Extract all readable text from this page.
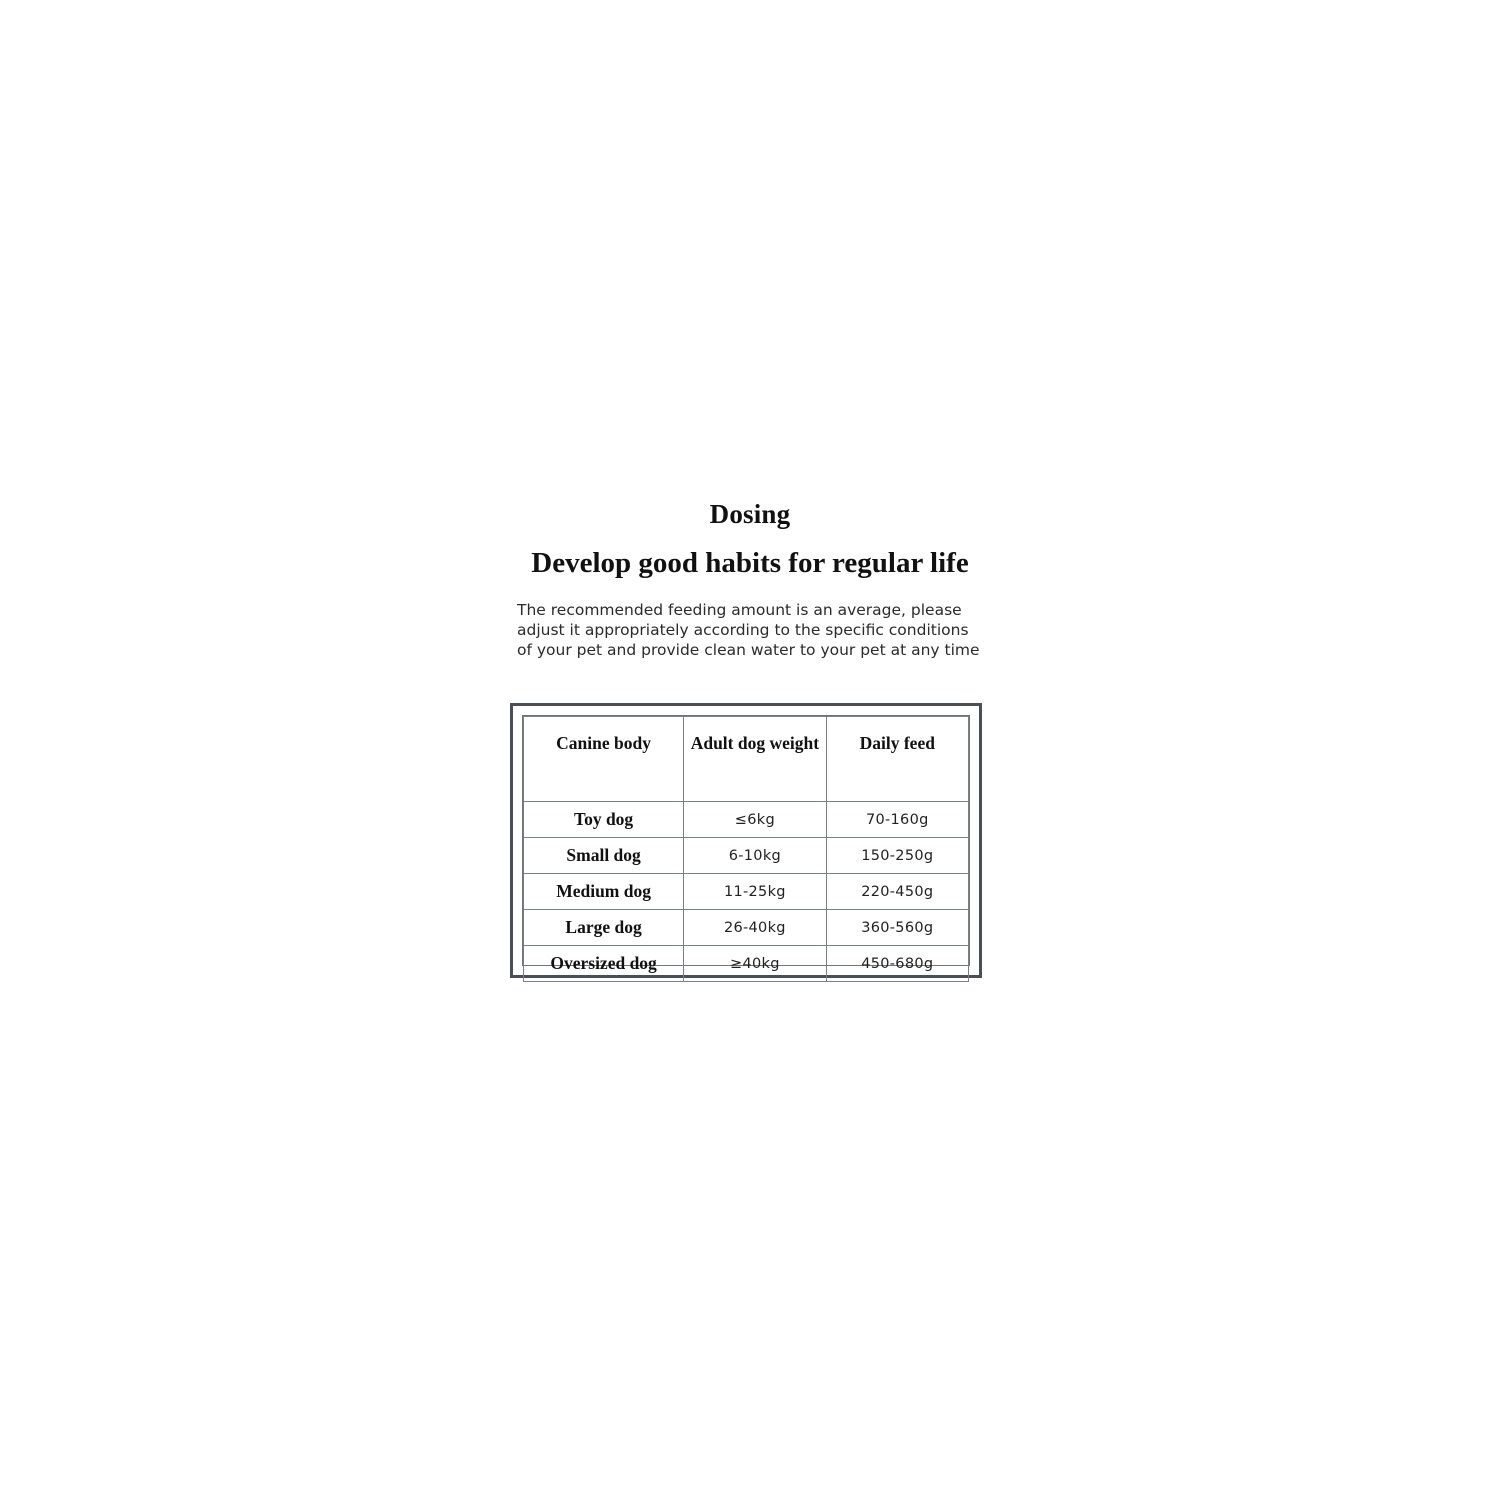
Dosing
Develop good habits for regular life

The recommended feeding amount is an average, please adjust it appropriately according to the specific conditions of your pet and provide clean water to your pet at any time

Canine body	Adult dog weight	Daily feed
Toy dog	≤6kg	70-160g
Small dog	6-10kg	150-250g
Medium dog	11-25kg	220-450g
Large dog	26-40kg	360-560g
Oversized dog	≥40kg	450-680g
